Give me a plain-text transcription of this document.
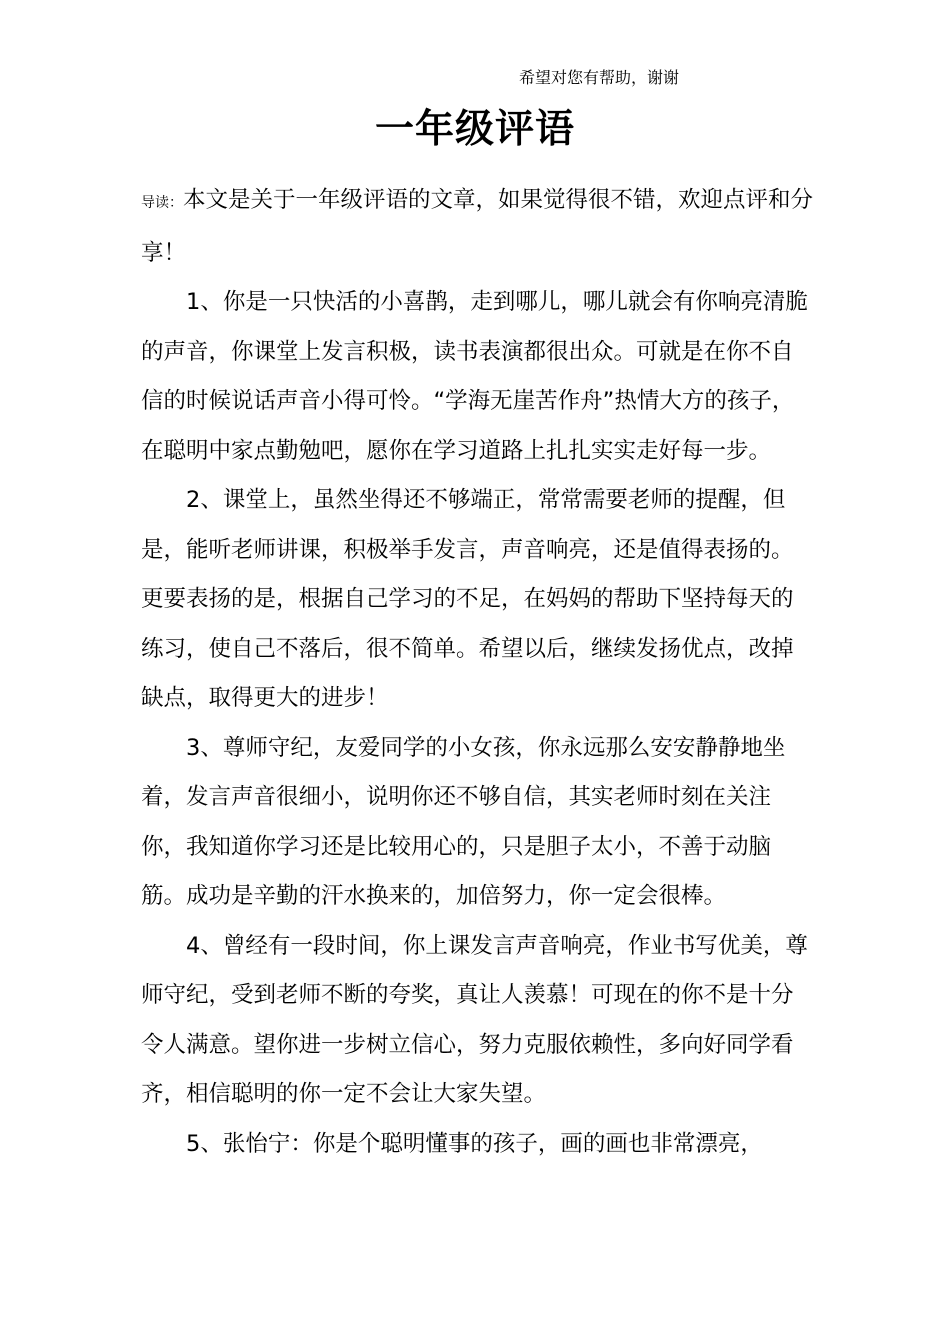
希望对您有帮助，谢谢
一年级评语

导读：本文是关于一年级评语的文章，如果觉得很不错，欢迎点评和分享！

1、你是一只快活的小喜鹊，走到哪儿，哪儿就会有你响亮清脆的声音，你课堂上发言积极，读书表演都很出众。可就是在你不自信的时候说话声音小得可怜。“学海无崖苦作舟”热情大方的孩子，在聪明中家点勤勉吧，愿你在学习道路上扎扎实实走好每一步。

2、课堂上，虽然坐得还不够端正，常常需要老师的提醒，但是，能听老师讲课，积极举手发言，声音响亮，还是值得表扬的。更要表扬的是，根据自己学习的不足，在妈妈的帮助下坚持每天的练习，使自己不落后，很不简单。希望以后，继续发扬优点，改掉缺点，取得更大的进步！

3、尊师守纪，友爱同学的小女孩，你永远那么安安静静地坐着，发言声音很细小，说明你还不够自信，其实老师时刻在关注你，我知道你学习还是比较用心的，只是胆子太小，不善于动脑筋。成功是辛勤的汗水换来的，加倍努力，你一定会很棒。

4、曾经有一段时间，你上课发言声音响亮，作业书写优美，尊师守纪，受到老师不断的夸奖，真让人羡慕！可现在的你不是十分令人满意。望你进一步树立信心，努力克服依赖性，多向好同学看齐，相信聪明的你一定不会让大家失望。

5、张怡宁：你是个聪明懂事的孩子，画的画也非常漂亮，
